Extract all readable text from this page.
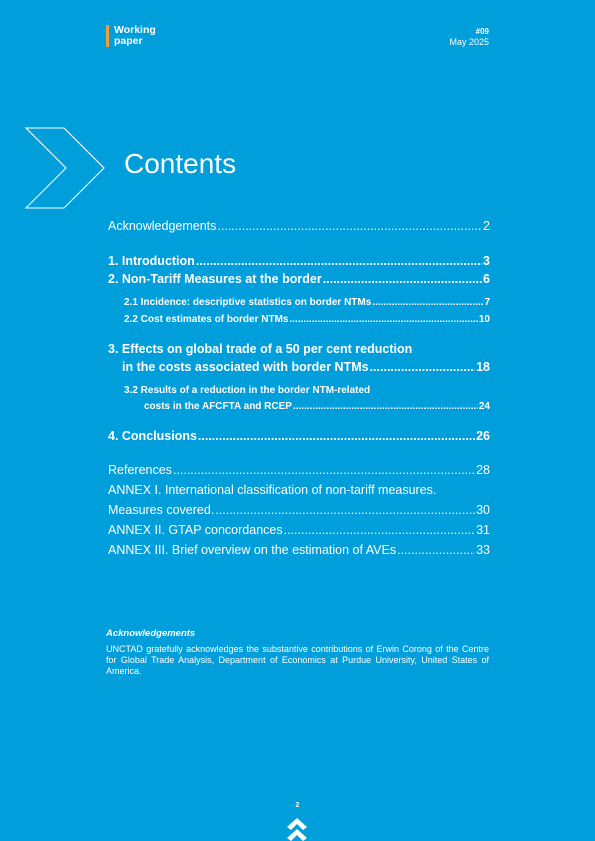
Working
paper
#09
May 2025
Contents
Acknowledgements .....	2
1. Introduction .....	3
2. Non-Tariff Measures at the border .....	6
2.1 Incidence: descriptive statistics on border NTMs .....	7
2.2 Cost estimates of border NTMs .....	10
3. Effects on global trade of a 50 per cent reduction
in the costs associated with border NTMs .....	18
3.2 Results of a reduction in the border NTM-related
costs in the AFCFTA and RCEP .....	24
4. Conclusions .....	26
References .....	28
ANNEX I. International classification of non-tariff measures.
Measures covered. .....	30
ANNEX II. GTAP concordances .....	31
ANNEX III. Brief overview on the estimation of AVEs .....	33
Acknowledgements
UNCTAD gratefully acknowledges the substantive contributions of Erwin Corong of the Centre for Global Trade Analysis, Department of Economics at Purdue University, United States of America.
2
